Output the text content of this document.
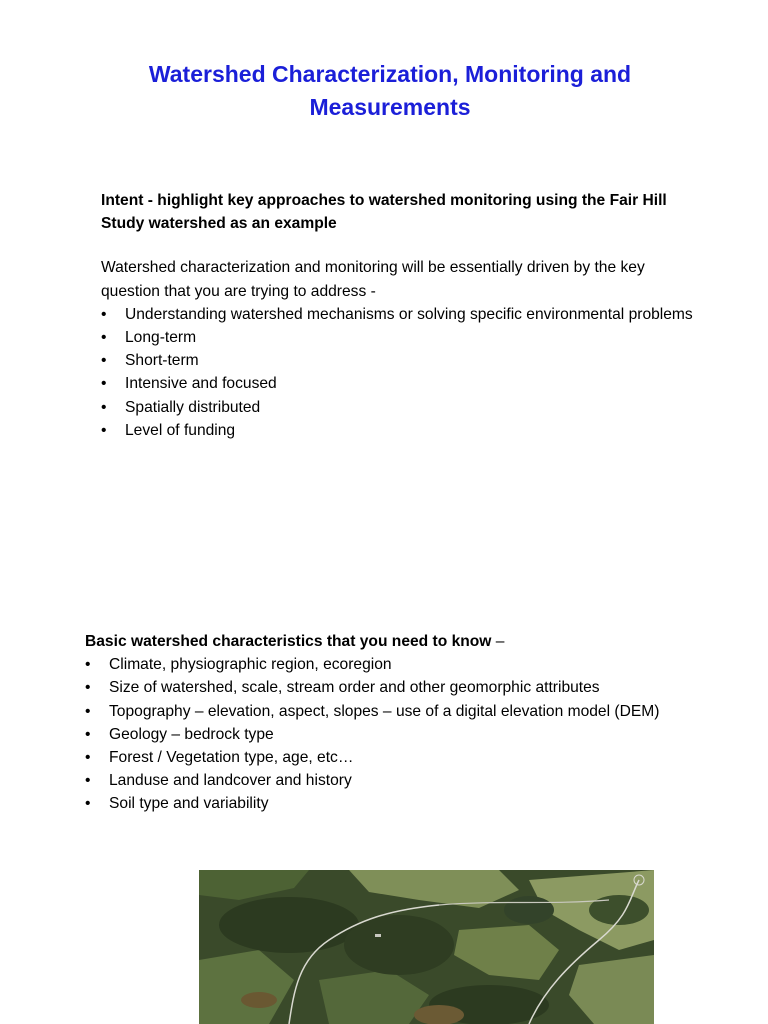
Watershed Characterization, Monitoring and Measurements

Intent - highlight key approaches to watershed monitoring using the Fair Hill Study watershed as an example

Watershed characterization and monitoring will be essentially driven by the key question that you are trying to address -

• Understanding watershed mechanisms or solving specific environmental problems
• Long-term
• Short-term
• Intensive and focused
• Spatially distributed
• Level of funding

Basic watershed characteristics that you need to know –

• Climate, physiographic region, ecoregion
• Size of watershed, scale, stream order and other geomorphic attributes
• Topography – elevation, aspect, slopes – use of a digital elevation model (DEM)
• Geology – bedrock type
• Forest / Vegetation type, age, etc…
• Landuse and landcover and history
• Soil type and variability
